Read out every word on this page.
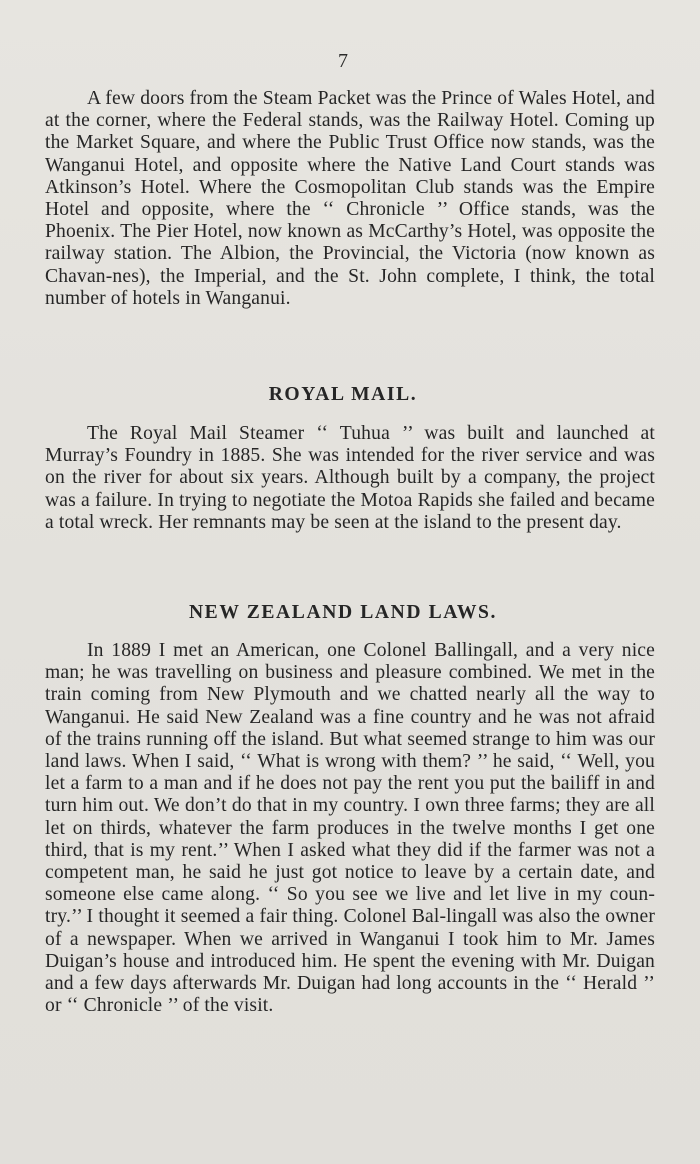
7

A few doors from the Steam Packet was the Prince of Wales Hotel, and at the corner, where the Federal stands, was the Railway Hotel. Coming up the Market Square, and where the Public Trust Office now stands, was the Wanganui Hotel, and opposite where the Native Land Court stands was Atkinson’s Hotel. Where the Cosmopolitan Club stands was the Empire Hotel and opposite, where the ‘‘ Chronicle ’’ Office stands, was the Phoenix. The Pier Hotel, now known as McCarthy’s Hotel, was opposite the railway station. The Albion, the Provincial, the Victoria (now known as Chavan-nes), the Imperial, and the St. John complete, I think, the total number of hotels in Wanganui.

ROYAL MAIL.

The Royal Mail Steamer ‘‘ Tuhua ’’ was built and launched at Murray’s Foundry in 1885. She was intended for the river service and was on the river for about six years. Although built by a company, the project was a failure. In trying to negotiate the Motoa Rapids she failed and became a total wreck. Her remnants may be seen at the island to the present day.

NEW ZEALAND LAND LAWS.

In 1889 I met an American, one Colonel Ballingall, and a very nice man; he was travelling on business and pleasure combined. We met in the train coming from New Plymouth and we chatted nearly all the way to Wanganui. He said New Zealand was a fine country and he was not afraid of the trains running off the island. But what seemed strange to him was our land laws. When I said, ‘‘ What is wrong with them? ’’ he said, ‘‘ Well, you let a farm to a man and if he does not pay the rent you put the bailiff in and turn him out. We don’t do that in my country. I own three farms; they are all let on thirds, whatever the farm produces in the twelve months I get one third, that is my rent.’’ When I asked what they did if the farmer was not a competent man, he said he just got notice to leave by a certain date, and someone else came along. ‘‘ So you see we live and let live in my coun-try.’’ I thought it seemed a fair thing. Colonel Bal-lingall was also the owner of a newspaper. When we arrived in Wanganui I took him to Mr. James Duigan’s house and introduced him. He spent the evening with Mr. Duigan and a few days afterwards Mr. Duigan had long accounts in the ‘‘ Herald ’’ or ‘‘ Chronicle ’’ of the visit.
